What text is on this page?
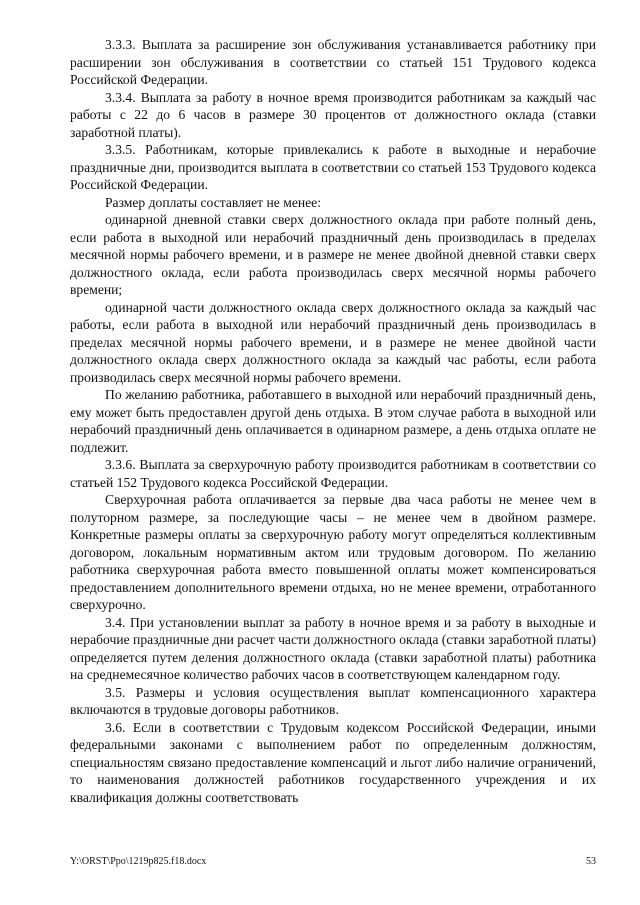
3.3.3. Выплата за расширение зон обслуживания устанавливается работнику при расширении зон обслуживания в соответствии со статьей 151 Трудового кодекса Российской Федерации.

3.3.4. Выплата за работу в ночное время производится работникам за каждый час работы с 22 до 6 часов в размере 30 процентов от должностного оклада (ставки заработной платы).

3.3.5. Работникам, которые привлекались к работе в выходные и нерабочие праздничные дни, производится выплата в соответствии со статьей 153 Трудового кодекса Российской Федерации.

Размер доплаты составляет не менее:

одинарной дневной ставки сверх должностного оклада при работе полный день, если работа в выходной или нерабочий праздничный день производилась в пределах месячной нормы рабочего времени, и в размере не менее двойной дневной ставки сверх должностного оклада, если работа производилась сверх месячной нормы рабочего времени;

одинарной части должностного оклада сверх должностного оклада за каждый час работы, если работа в выходной или нерабочий праздничный день производилась в пределах месячной нормы рабочего времени, и в размере не менее двойной части должностного оклада сверх должностного оклада за каждый час работы, если работа производилась сверх месячной нормы рабочего времени.

По желанию работника, работавшего в выходной или нерабочий праздничный день, ему может быть предоставлен другой день отдыха. В этом случае работа в выходной или нерабочий праздничный день оплачивается в одинарном размере, а день отдыха оплате не подлежит.

3.3.6. Выплата за сверхурочную работу производится работникам в соответствии со статьей 152 Трудового кодекса Российской Федерации.

Сверхурочная работа оплачивается за первые два часа работы не менее чем в полуторном размере, за последующие часы – не менее чем в двойном размере. Конкретные размеры оплаты за сверхурочную работу могут определяться коллективным договором, локальным нормативным актом или трудовым договором. По желанию работника сверхурочная работа вместо повышенной оплаты может компенсироваться предоставлением дополнительного времени отдыха, но не менее времени, отработанного сверхурочно.

3.4. При установлении выплат за работу в ночное время и за работу в выходные и нерабочие праздничные дни расчет части должностного оклада (ставки заработной платы) определяется путем деления должностного оклада (ставки заработной платы) работника на среднемесячное количество рабочих часов в соответствующем календарном году.

3.5. Размеры и условия осуществления выплат компенсационного характера включаются в трудовые договоры работников.

3.6. Если в соответствии с Трудовым кодексом Российской Федерации, иными федеральными законами с выполнением работ по определенным должностям, специальностям связано предоставление компенсаций и льгот либо наличие ограничений, то наименования должностей работников государственного учреждения и их квалификация должны соответствовать

Y:\ORST\Ppo\1219p825.f18.docx	53
